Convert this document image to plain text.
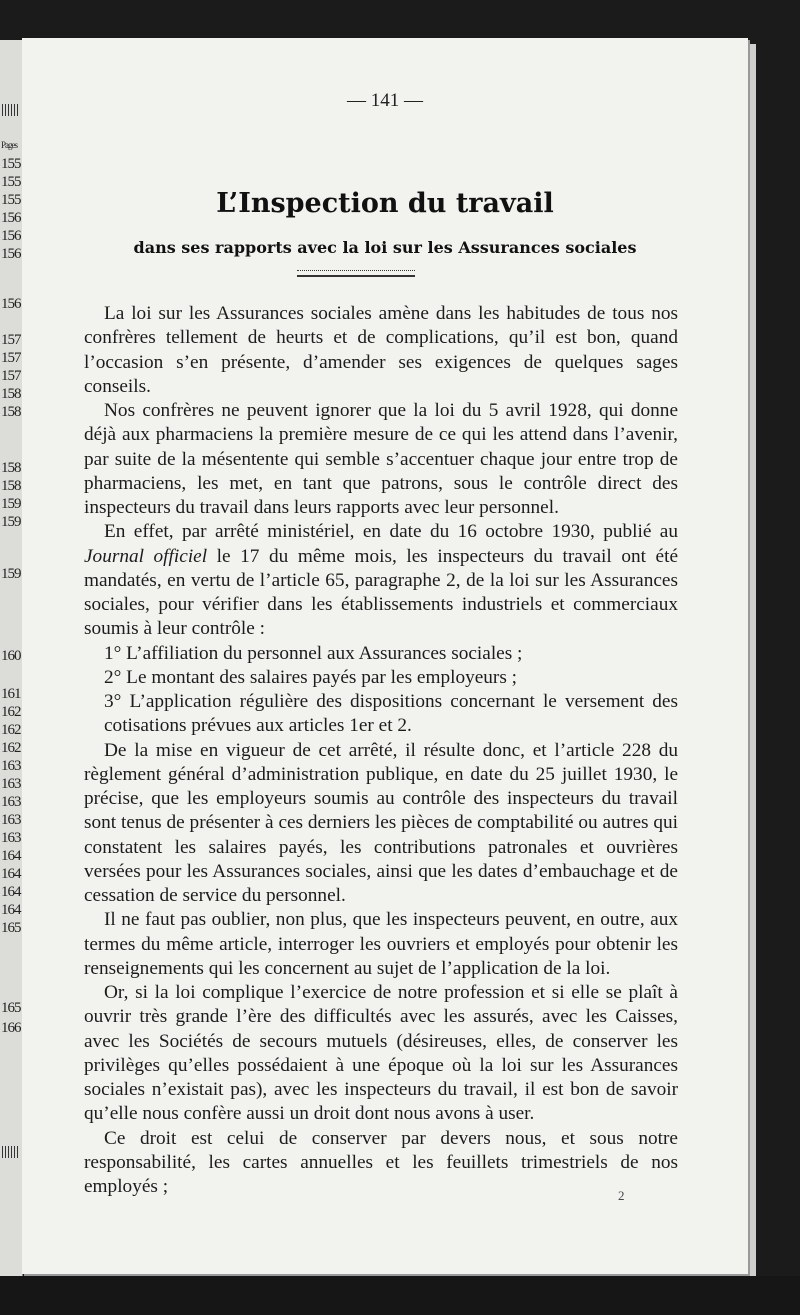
Pages
155
155
155
156
156
156
156
157
157
157
158
158
158
158
159
159
159
160
161
162
162
162
163
163
163
163
163
164
164
164
164
165
165
166
— 141 —
L’Inspection du travail
dans ses rapports avec la loi sur les Assurances sociales

La loi sur les Assurances sociales amène dans les habitudes de tous nos confrères tellement de heurts et de complications, qu’il est bon, quand l’occasion s’en présente, d’amender ses exigences de quelques sages conseils.

Nos confrères ne peuvent ignorer que la loi du 5 avril 1928, qui donne déjà aux pharmaciens la première mesure de ce qui les attend dans l’avenir, par suite de la mésentente qui semble s’accentuer chaque jour entre trop de pharmaciens, les met, en tant que patrons, sous le contrôle direct des inspecteurs du travail dans leurs rapports avec leur personnel.

En effet, par arrêté ministériel, en date du 16 octobre 1930, publié au Journal officiel le 17 du même mois, les inspecteurs du travail ont été mandatés, en vertu de l’article 65, paragraphe 2, de la loi sur les Assurances sociales, pour vérifier dans les établissements industriels et commerciaux soumis à leur contrôle :

1° L’affiliation du personnel aux Assurances sociales ;

2° Le montant des salaires payés par les employeurs ;

3° L’application régulière des dispositions concernant le versement des cotisations prévues aux articles 1er et 2.

De la mise en vigueur de cet arrêté, il résulte donc, et l’article 228 du règlement général d’administration publique, en date du 25 juillet 1930, le précise, que les employeurs soumis au contrôle des inspecteurs du travail sont tenus de présenter à ces derniers les pièces de comptabilité ou autres qui constatent les salaires payés, les contributions patronales et ouvrières versées pour les Assurances sociales, ainsi que les dates d’embauchage et de cessation de service du personnel.

Il ne faut pas oublier, non plus, que les inspecteurs peuvent, en outre, aux termes du même article, interroger les ouvriers et employés pour obtenir les renseignements qui les concernent au sujet de l’application de la loi.

Or, si la loi complique l’exercice de notre profession et si elle se plaît à ouvrir très grande l’ère des difficultés avec les assurés, avec les Caisses, avec les Sociétés de secours mutuels (désireuses, elles, de conserver les privilèges qu’elles possédaient à une époque où la loi sur les Assurances sociales n’existait pas), avec les inspecteurs du travail, il est bon de savoir qu’elle nous confère aussi un droit dont nous avons à user.

Ce droit est celui de conserver par devers nous, et sous notre responsabilité, les cartes annuelles et les feuillets trimestriels de nos employés ;	2
